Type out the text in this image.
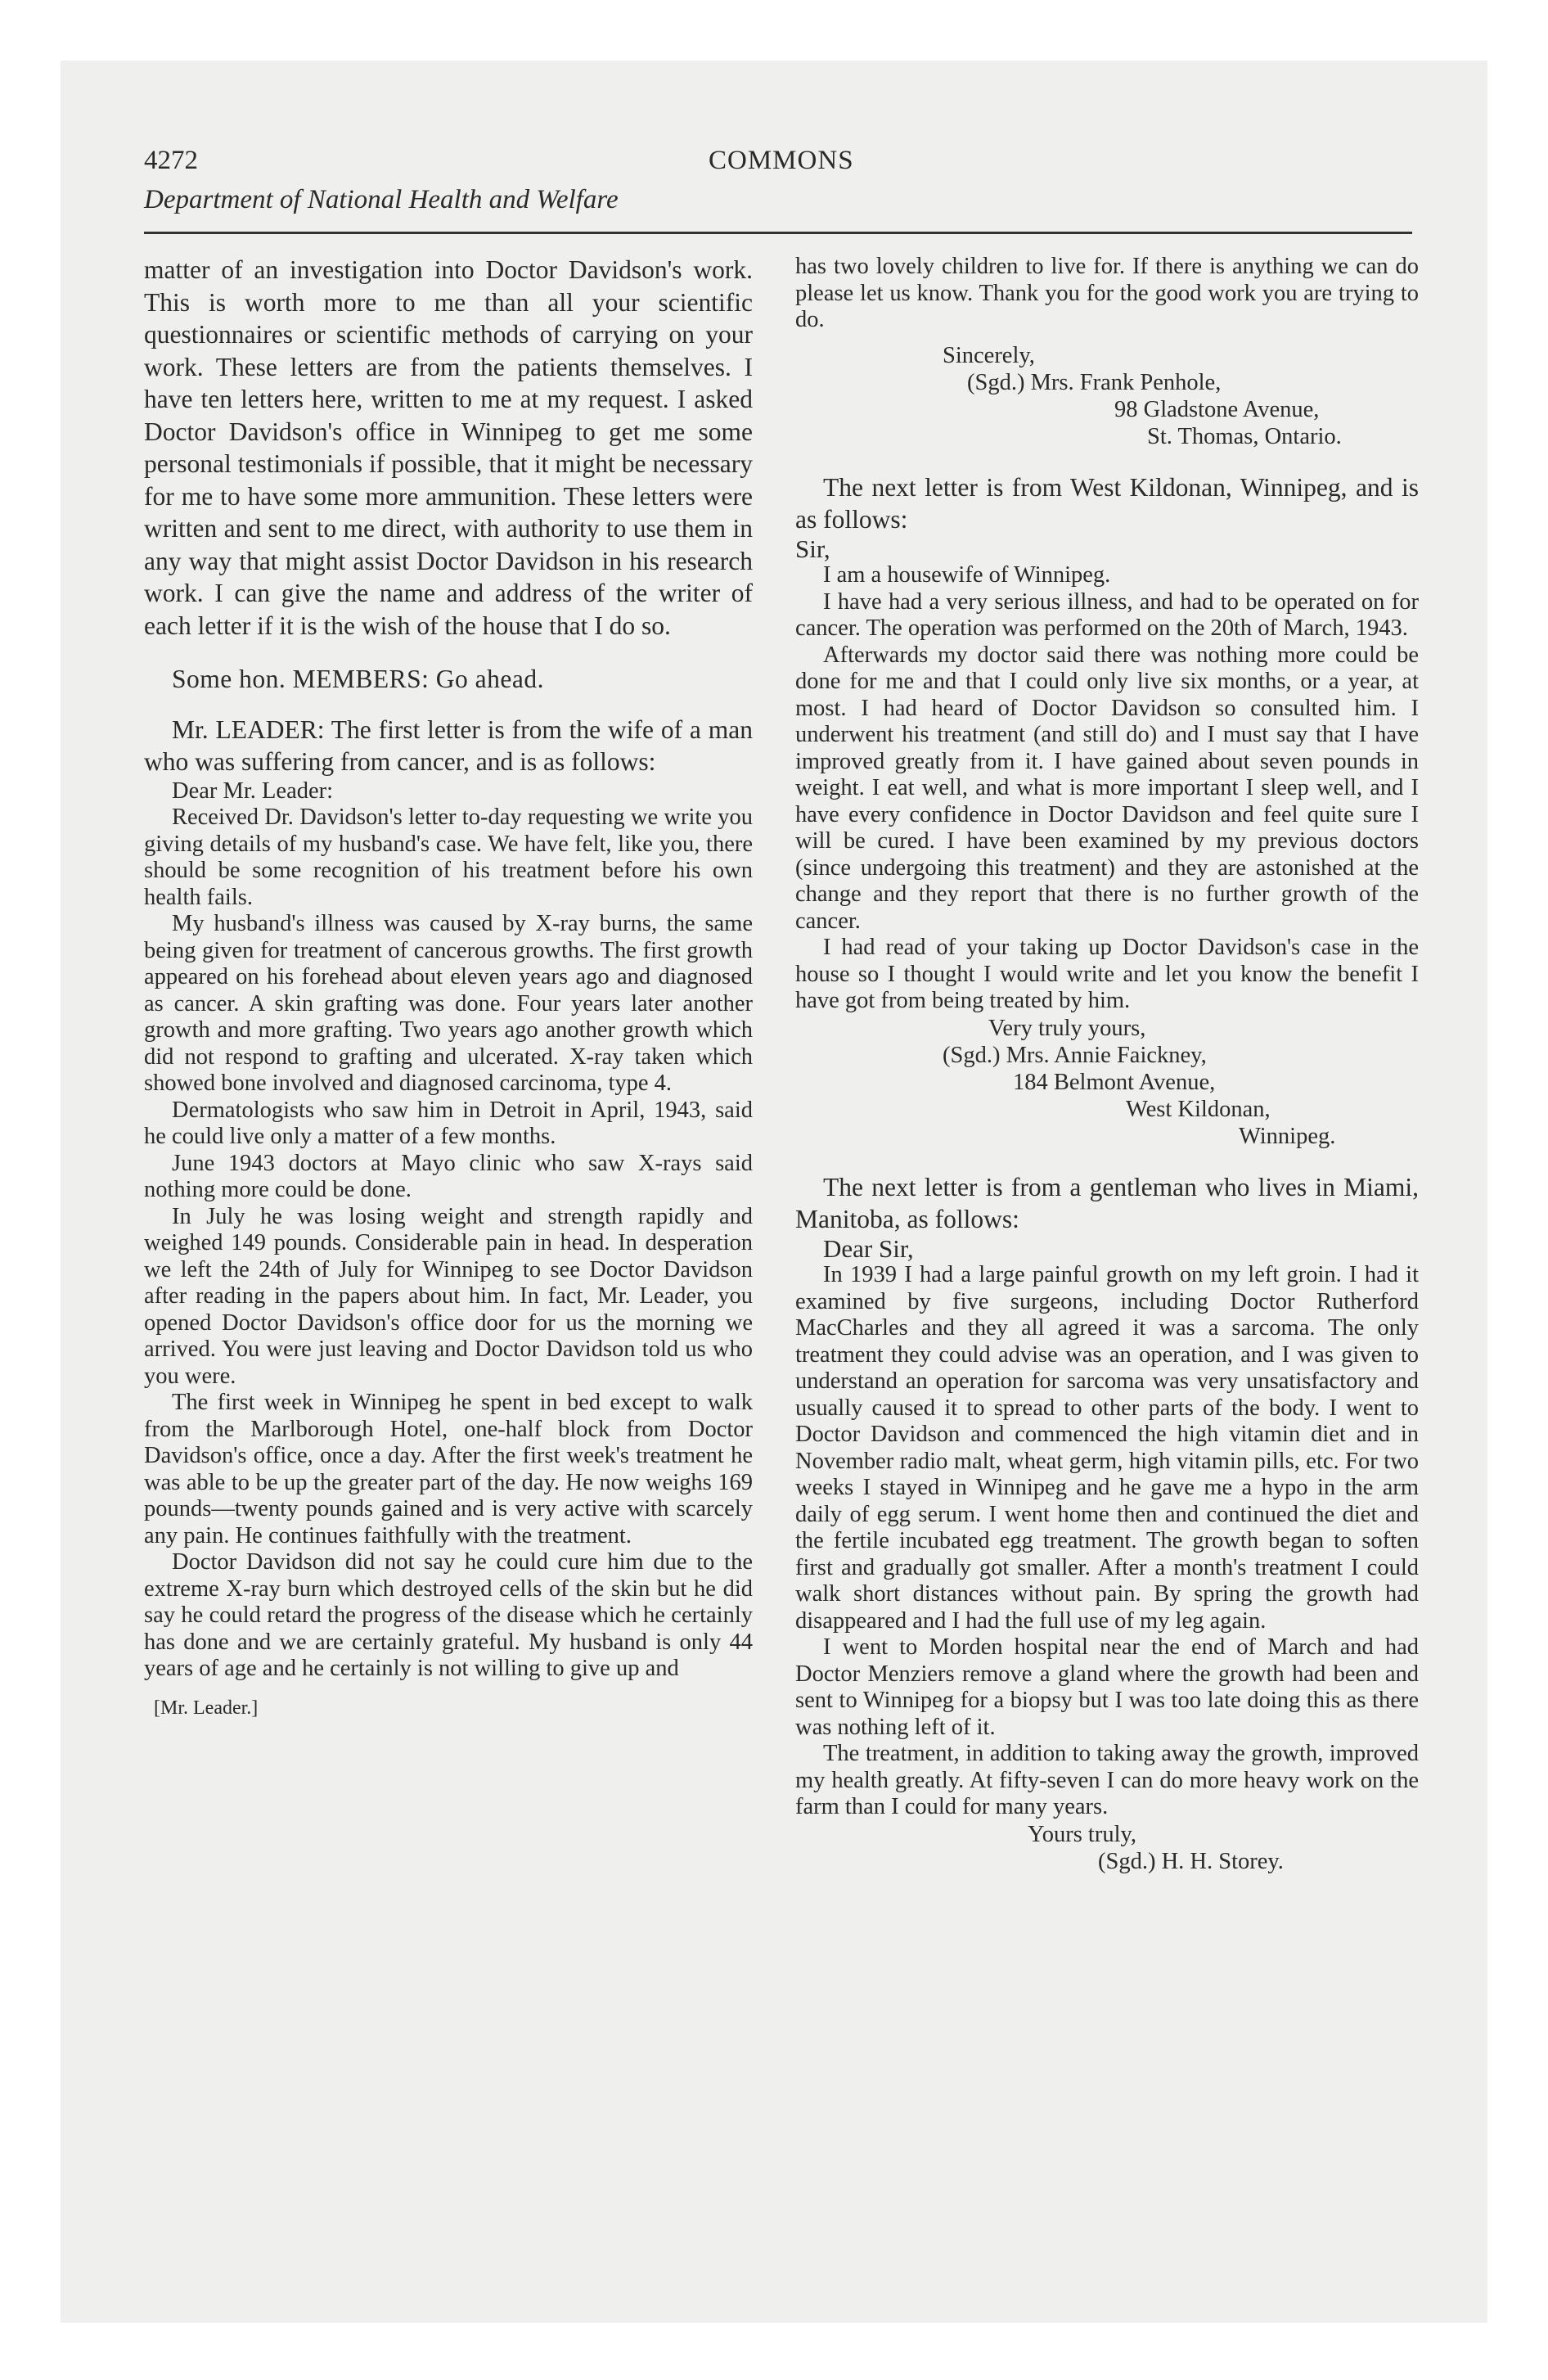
4272	COMMONS
Department of National Health and Welfare

matter of an investigation into Doctor Davidson's work. This is worth more to me than all your scientific questionnaires or scientific methods of carrying on your work. These letters are from the patients themselves. I have ten letters here, written to me at my request. I asked Doctor Davidson's office in Winnipeg to get me some personal testimonials if possible, that it might be necessary for me to have some more ammunition. These letters were written and sent to me direct, with authority to use them in any way that might assist Doctor Davidson in his research work. I can give the name and address of the writer of each letter if it is the wish of the house that I do so.

Some hon. MEMBERS: Go ahead.

Mr. LEADER: The first letter is from the wife of a man who was suffering from cancer, and is as follows:

Dear Mr. Leader:

Received Dr. Davidson's letter to-day requesting we write you giving details of my husband's case. We have felt, like you, there should be some recognition of his treatment before his own health fails.

My husband's illness was caused by X-ray burns, the same being given for treatment of cancerous growths. The first growth appeared on his forehead about eleven years ago and diagnosed as cancer. A skin grafting was done. Four years later another growth and more grafting. Two years ago another growth which did not respond to grafting and ulcerated. X-ray taken which showed bone involved and diagnosed carcinoma, type 4.

Dermatologists who saw him in Detroit in April, 1943, said he could live only a matter of a few months.

June 1943 doctors at Mayo clinic who saw X-rays said nothing more could be done.

In July he was losing weight and strength rapidly and weighed 149 pounds. Considerable pain in head. In desperation we left the 24th of July for Winnipeg to see Doctor Davidson after reading in the papers about him. In fact, Mr. Leader, you opened Doctor Davidson's office door for us the morning we arrived. You were just leaving and Doctor Davidson told us who you were.

The first week in Winnipeg he spent in bed except to walk from the Marlborough Hotel, one-half block from Doctor Davidson's office, once a day. After the first week's treatment he was able to be up the greater part of the day. He now weighs 169 pounds—twenty pounds gained and is very active with scarcely any pain. He continues faithfully with the treatment.

Doctor Davidson did not say he could cure him due to the extreme X-ray burn which destroyed cells of the skin but he did say he could retard the progress of the disease which he certainly has done and we are certainly grateful. My husband is only 44 years of age and he certainly is not willing to give up and

[Mr. Leader.]

has two lovely children to live for. If there is anything we can do please let us know. Thank you for the good work you are trying to do.

Sincerely,

(Sgd.) Mrs. Frank Penhole,

98 Gladstone Avenue,

St. Thomas, Ontario.

The next letter is from West Kildonan, Winnipeg, and is as follows:

Sir,

I am a housewife of Winnipeg.

I have had a very serious illness, and had to be operated on for cancer. The operation was performed on the 20th of March, 1943.

Afterwards my doctor said there was nothing more could be done for me and that I could only live six months, or a year, at most. I had heard of Doctor Davidson so consulted him. I underwent his treatment (and still do) and I must say that I have improved greatly from it. I have gained about seven pounds in weight. I eat well, and what is more important I sleep well, and I have every confidence in Doctor Davidson and feel quite sure I will be cured. I have been examined by my previous doctors (since undergoing this treatment) and they are astonished at the change and they report that there is no further growth of the cancer.

I had read of your taking up Doctor Davidson's case in the house so I thought I would write and let you know the benefit I have got from being treated by him.

Very truly yours,

(Sgd.) Mrs. Annie Faickney,

184 Belmont Avenue,

West Kildonan,

Winnipeg.

The next letter is from a gentleman who lives in Miami, Manitoba, as follows:

Dear Sir,

In 1939 I had a large painful growth on my left groin. I had it examined by five surgeons, including Doctor Rutherford MacCharles and they all agreed it was a sarcoma. The only treatment they could advise was an operation, and I was given to understand an operation for sarcoma was very unsatisfactory and usually caused it to spread to other parts of the body. I went to Doctor Davidson and commenced the high vitamin diet and in November radio malt, wheat germ, high vitamin pills, etc. For two weeks I stayed in Winnipeg and he gave me a hypo in the arm daily of egg serum. I went home then and continued the diet and the fertile incubated egg treatment. The growth began to soften first and gradually got smaller. After a month's treatment I could walk short distances without pain. By spring the growth had disappeared and I had the full use of my leg again.

I went to Morden hospital near the end of March and had Doctor Menziers remove a gland where the growth had been and sent to Winnipeg for a biopsy but I was too late doing this as there was nothing left of it.

The treatment, in addition to taking away the growth, improved my health greatly. At fifty-seven I can do more heavy work on the farm than I could for many years.

Yours truly,

(Sgd.) H. H. Storey.
